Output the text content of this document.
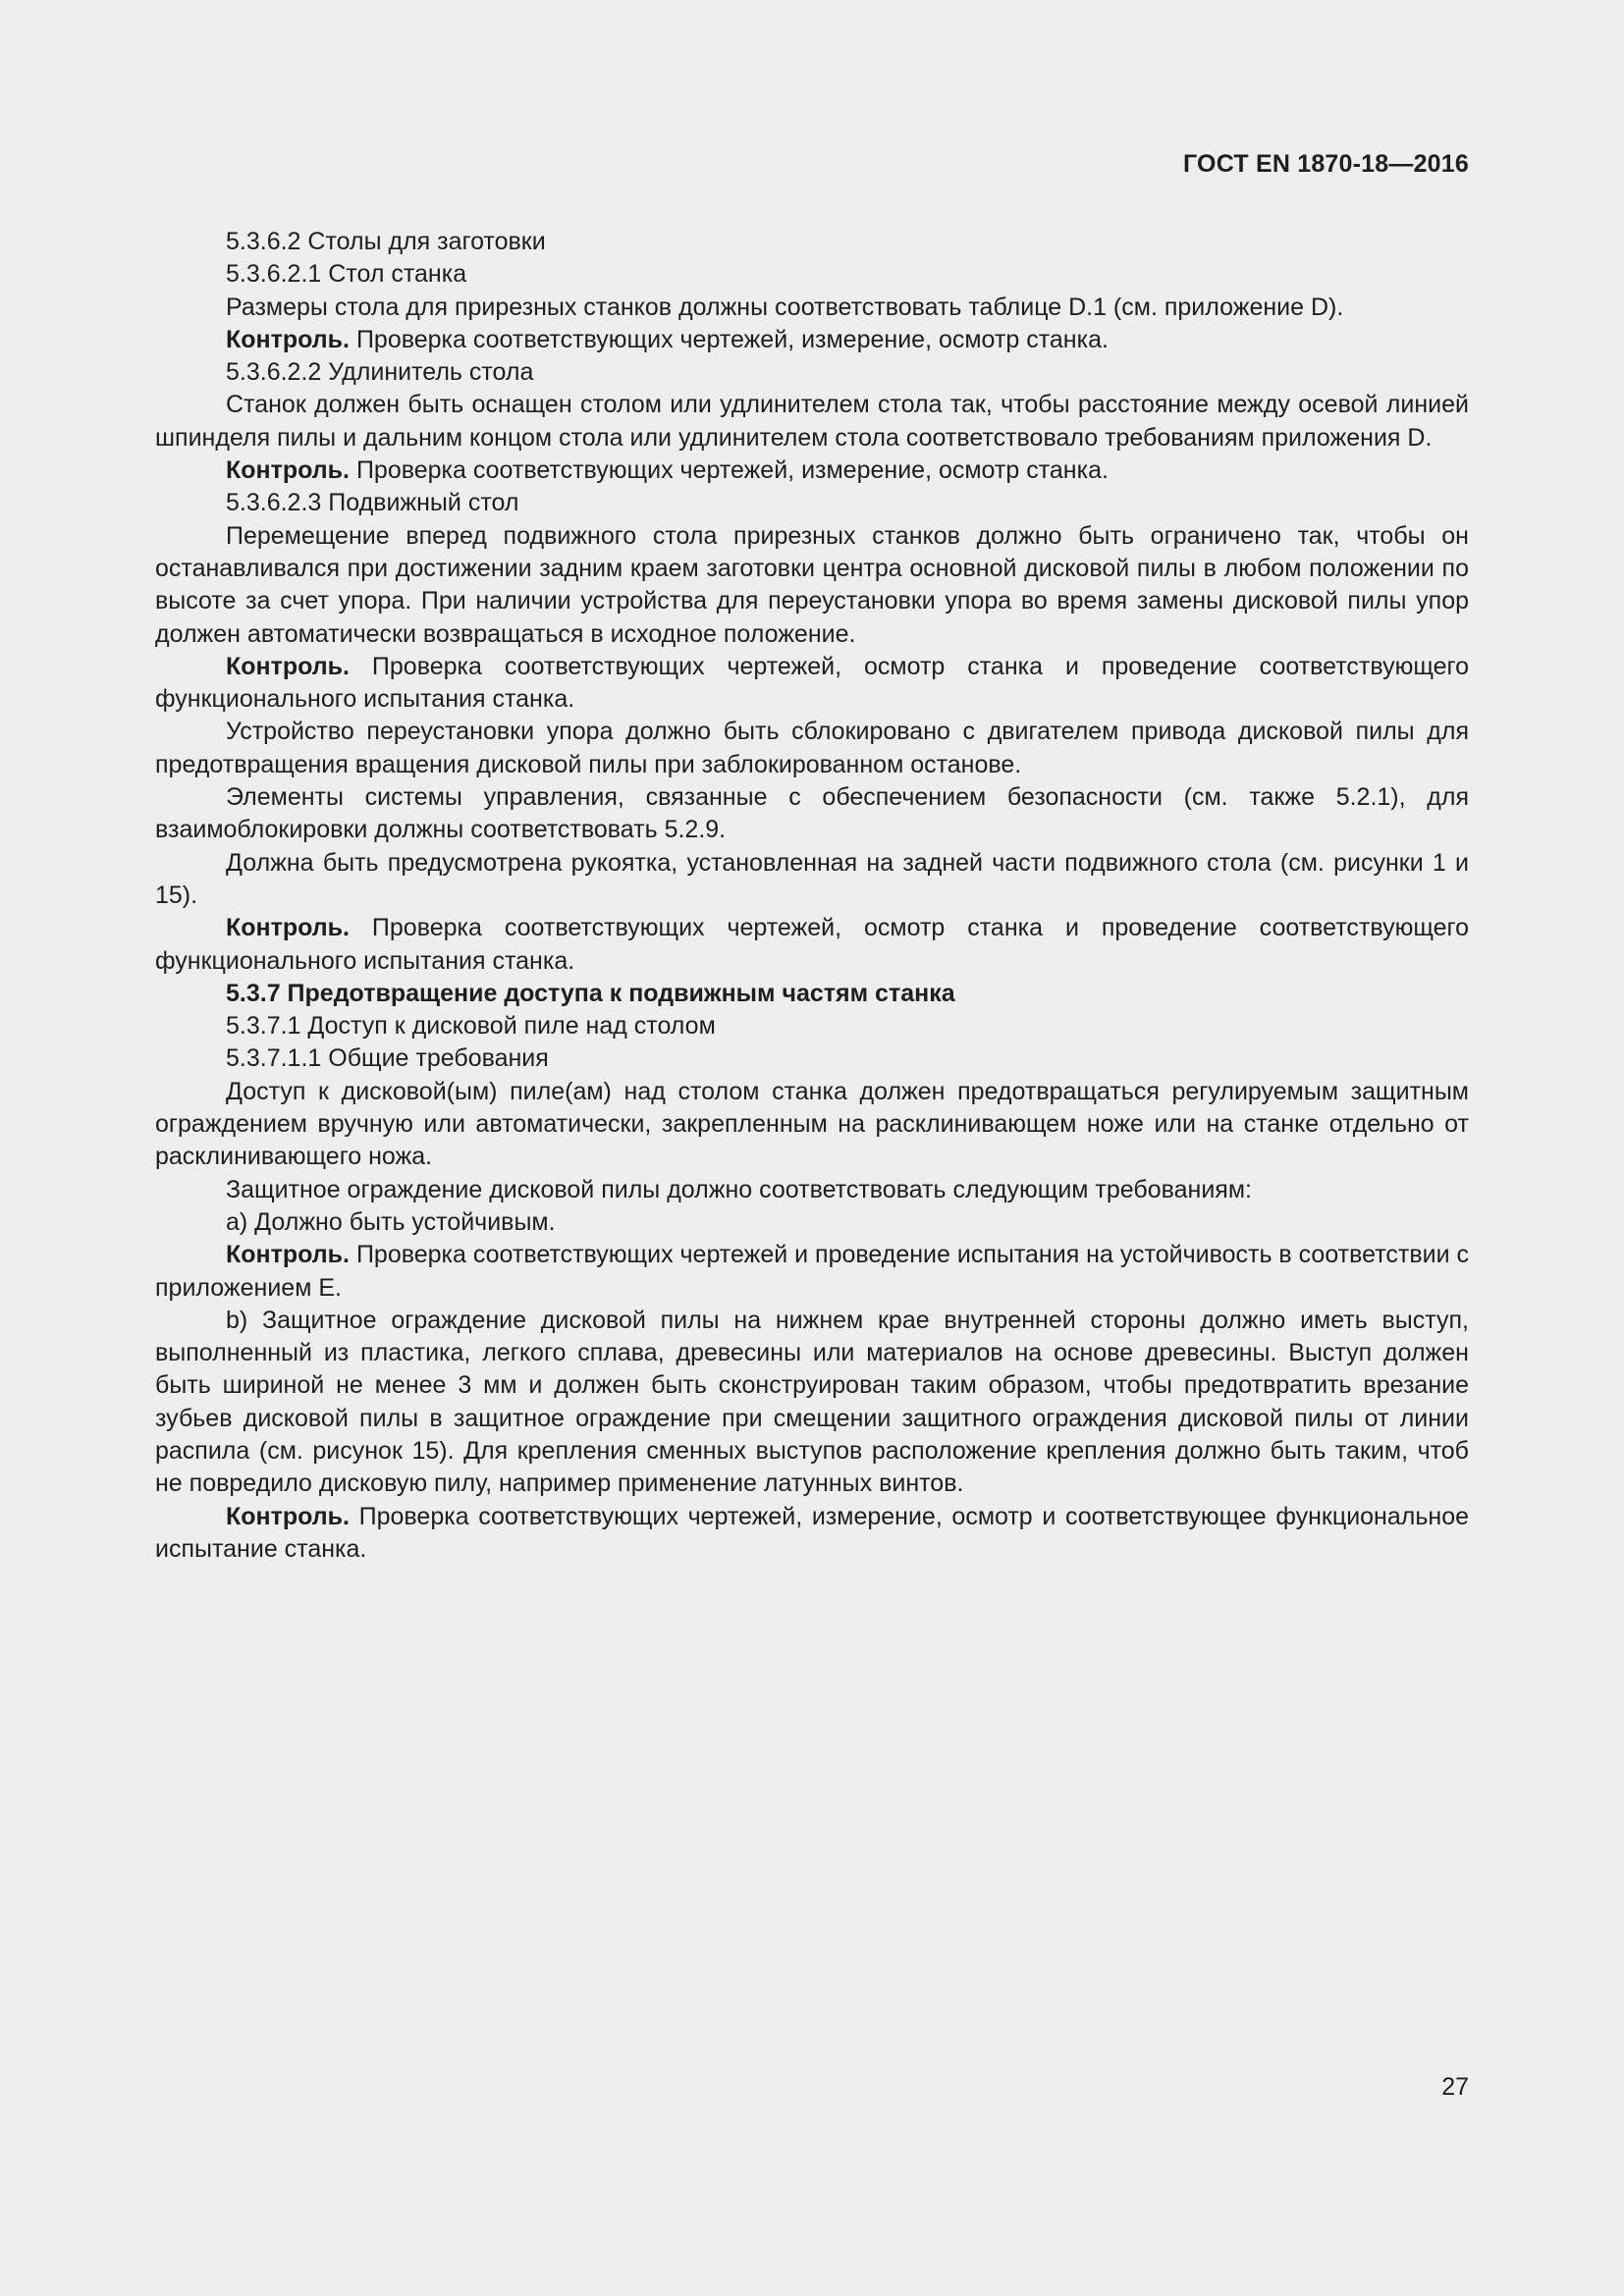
ГОСТ EN 1870-18—2016

5.3.6.2 Столы для заготовки

5.3.6.2.1 Стол станка

Размеры стола для прирезных станков должны соответствовать таблице D.1 (см. приложение D).

Контроль. Проверка соответствующих чертежей, измерение, осмотр станка.

5.3.6.2.2 Удлинитель стола

Станок должен быть оснащен столом или удлинителем стола так, чтобы расстояние между осевой линией шпинделя пилы и дальним концом стола или удлинителем стола соответствовало требованиям приложения D.

Контроль. Проверка соответствующих чертежей, измерение, осмотр станка.

5.3.6.2.3 Подвижный стол

Перемещение вперед подвижного стола прирезных станков должно быть ограничено так, чтобы он останавливался при достижении задним краем заготовки центра основной дисковой пилы в любом положении по высоте за счет упора. При наличии устройства для переустановки упора во время замены дисковой пилы упор должен автоматически возвращаться в исходное положение.

Контроль. Проверка соответствующих чертежей, осмотр станка и проведение соответствующего функционального испытания станка.

Устройство переустановки упора должно быть сблокировано с двигателем привода дисковой пилы для предотвращения вращения дисковой пилы при заблокированном останове.

Элементы системы управления, связанные с обеспечением безопасности (см. также 5.2.1), для взаимоблокировки должны соответствовать 5.2.9.

Должна быть предусмотрена рукоятка, установленная на задней части подвижного стола (см. рисунки 1 и 15).

Контроль. Проверка соответствующих чертежей, осмотр станка и проведение соответствующего функционального испытания станка.

5.3.7 Предотвращение доступа к подвижным частям станка

5.3.7.1 Доступ к дисковой пиле над столом

5.3.7.1.1 Общие требования

Доступ к дисковой(ым) пиле(ам) над столом станка должен предотвращаться регулируемым защитным ограждением вручную или автоматически, закрепленным на расклинивающем ноже или на станке отдельно от расклинивающего ножа.

Защитное ограждение дисковой пилы должно соответствовать следующим требованиям:

a) Должно быть устойчивым.

Контроль. Проверка соответствующих чертежей и проведение испытания на устойчивость в соответствии с приложением Е.

b) Защитное ограждение дисковой пилы на нижнем крае внутренней стороны должно иметь выступ, выполненный из пластика, легкого сплава, древесины или материалов на основе древесины. Выступ должен быть шириной не менее 3 мм и должен быть сконструирован таким образом, чтобы предотвратить врезание зубьев дисковой пилы в защитное ограждение при смещении защитного ограждения дисковой пилы от линии распила (см. рисунок 15). Для крепления сменных выступов расположение крепления должно быть таким, чтоб не повредило дисковую пилу, например применение латунных винтов.

Контроль. Проверка соответствующих чертежей, измерение, осмотр и соответствующее функциональное испытание станка.

27
